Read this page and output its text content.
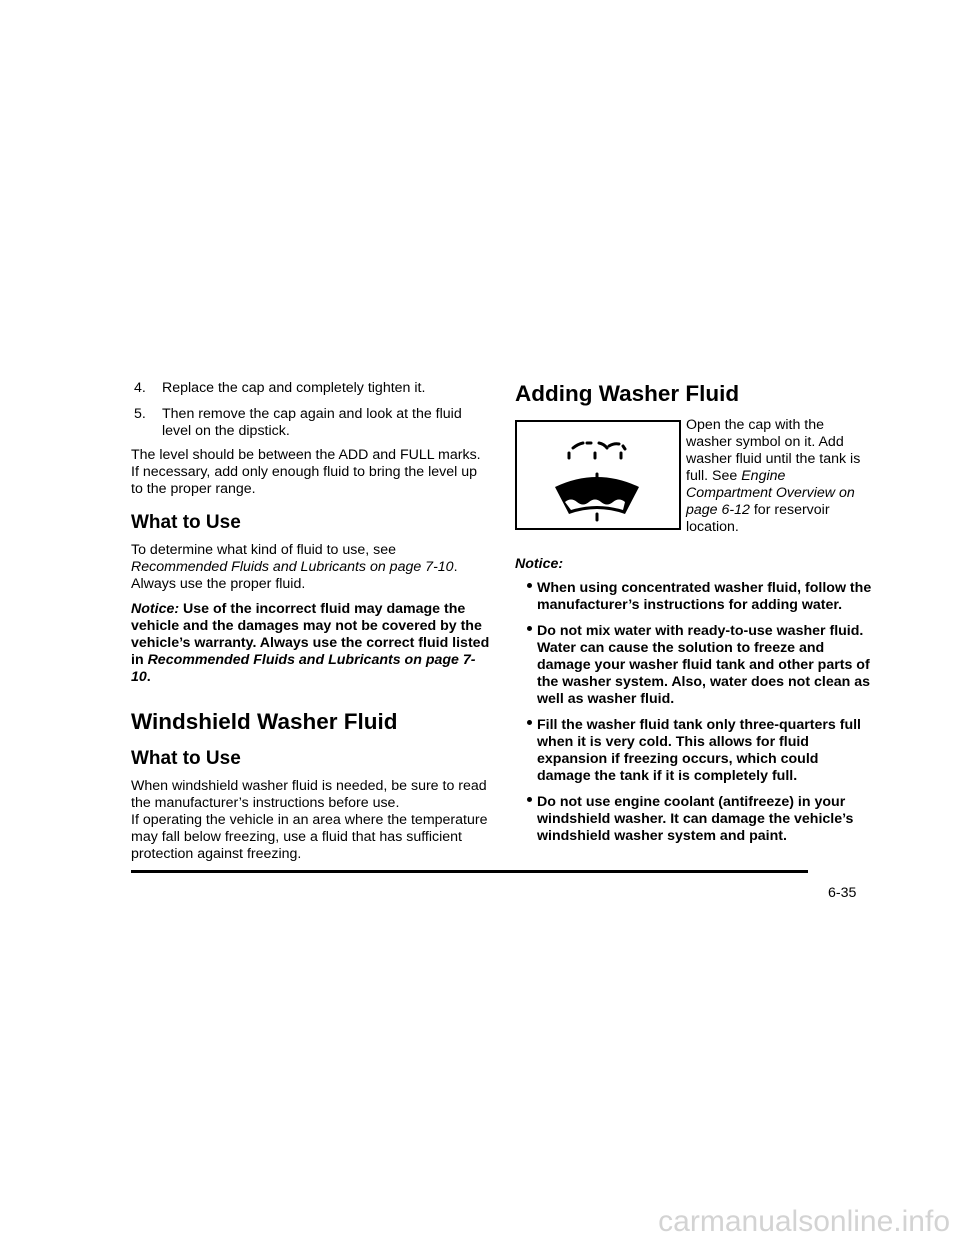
4. Replace the cap and completely tighten it.
5. Then remove the cap again and look at the fluid level on the dipstick.

The level should be between the ADD and FULL marks. If necessary, add only enough fluid to bring the level up to the proper range.

What to Use

To determine what kind of fluid to use, see Recommended Fluids and Lubricants on page 7-10. Always use the proper fluid.

Notice: Use of the incorrect fluid may damage the vehicle and the damages may not be covered by the vehicle’s warranty. Always use the correct fluid listed in Recommended Fluids and Lubricants on page 7-10.

Windshield Washer Fluid
What to Use

When windshield washer fluid is needed, be sure to read the manufacturer’s instructions before use.

If operating the vehicle in an area where the temperature may fall below freezing, use a fluid that has sufficient protection against freezing.

Adding Washer Fluid

Open the cap with the washer symbol on it. Add washer fluid until the tank is full. See Engine Compartment Overview on page 6-12 for reservoir location.

Notice:

When using concentrated washer fluid, follow the manufacturer’s instructions for adding water.
Do not mix water with ready-to-use washer fluid. Water can cause the solution to freeze and damage your washer fluid tank and other parts of the washer system. Also, water does not clean as well as washer fluid.
Fill the washer fluid tank only three-quarters full when it is very cold. This allows for fluid expansion if freezing occurs, which could damage the tank if it is completely full.
Do not use engine coolant (antifreeze) in your windshield washer. It can damage the vehicle’s windshield washer system and paint.
6-35
carmanualsonline.info
